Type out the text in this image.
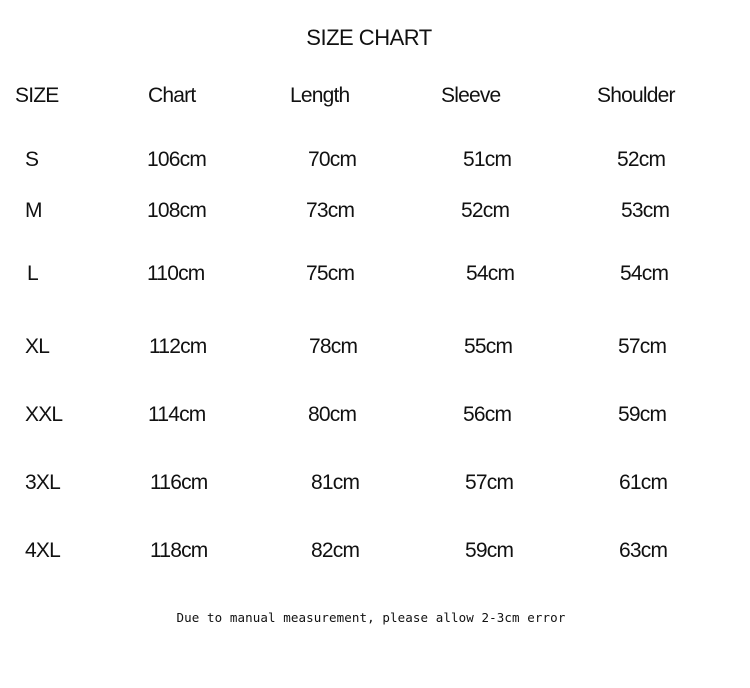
SIZE CHART
SIZE	Chart	Length	Sleeve	Shoulder
S	106cm	70cm	51cm	52cm
M	108cm	73cm	52cm	53cm
L	110cm	75cm	54cm	54cm
XL	112cm	78cm	55cm	57cm
XXL	114cm	80cm	56cm	59cm
3XL	116cm	81cm	57cm	61cm
4XL	118cm	82cm	59cm	63cm
Due to manual measurement, please allow 2-3cm error
